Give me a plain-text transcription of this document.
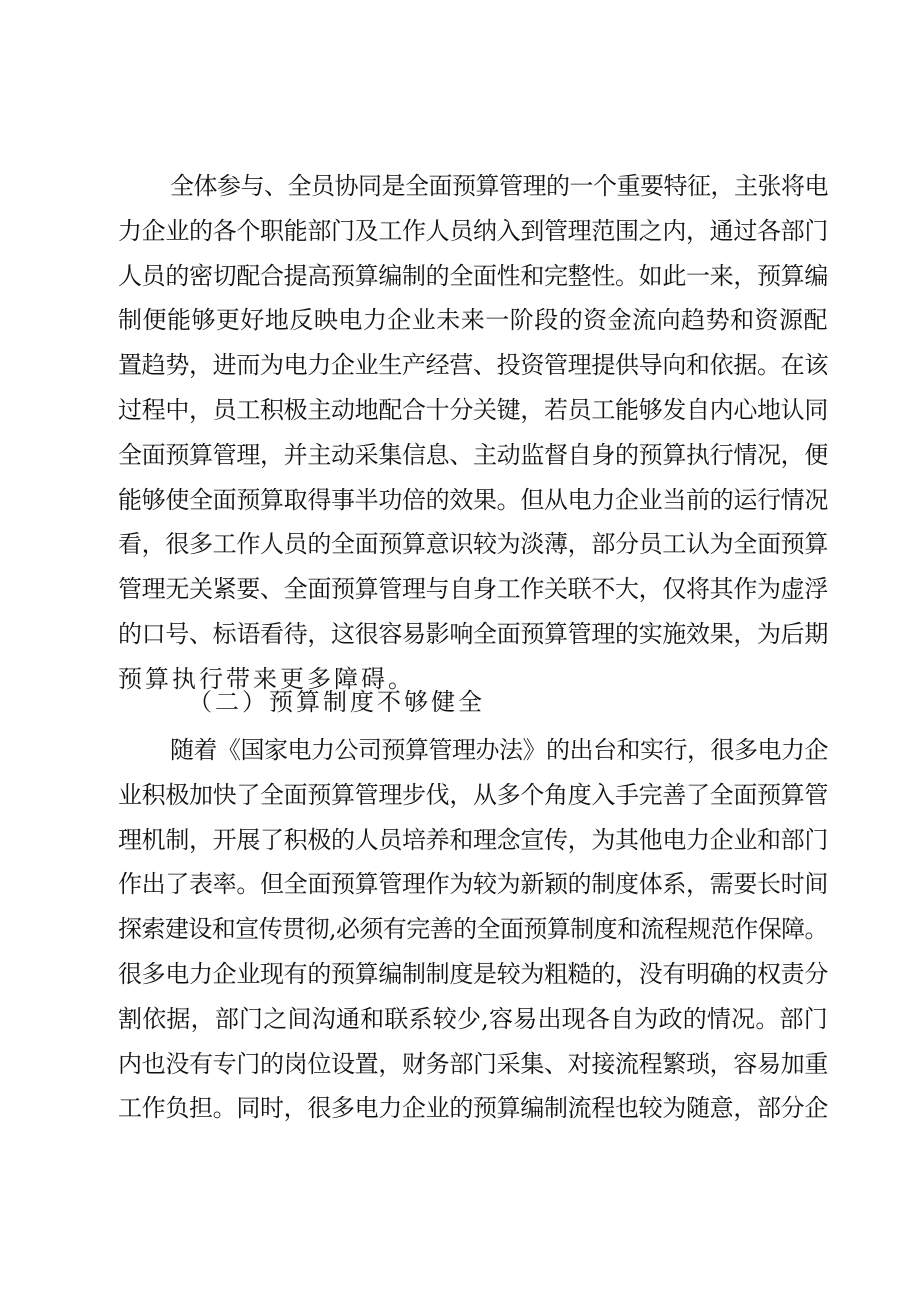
全体参与、全员协同是全面预算管理的一个重要特征，主张将电
力企业的各个职能部门及工作人员纳入到管理范围之内，通过各部门
人员的密切配合提高预算编制的全面性和完整性。如此一来，预算编
制便能够更好地反映电力企业未来一阶段的资金流向趋势和资源配
置趋势，进而为电力企业生产经营、投资管理提供导向和依据。在该
过程中，员工积极主动地配合十分关键，若员工能够发自内心地认同
全面预算管理，并主动采集信息、主动监督自身的预算执行情况，便
能够使全面预算取得事半功倍的效果。但从电力企业当前的运行情况
看，很多工作人员的全面预算意识较为淡薄，部分员工认为全面预算
管理无关紧要、全面预算管理与自身工作关联不大，仅将其作为虚浮
的口号、标语看待，这很容易影响全面预算管理的实施效果，为后期
预算执行带来更多障碍。
（二）预算制度不够健全
随着《国家电力公司预算管理办法》的出台和实行，很多电力企
业积极加快了全面预算管理步伐，从多个角度入手完善了全面预算管
理机制，开展了积极的人员培养和理念宣传，为其他电力企业和部门
作出了表率。但全面预算管理作为较为新颖的制度体系，需要长时间
探索建设和宣传贯彻,必须有完善的全面预算制度和流程规范作保障。
很多电力企业现有的预算编制制度是较为粗糙的，没有明确的权责分
割依据，部门之间沟通和联系较少,容易出现各自为政的情况。部门
内也没有专门的岗位设置，财务部门采集、对接流程繁琐，容易加重
工作负担。同时，很多电力企业的预算编制流程也较为随意，部分企
